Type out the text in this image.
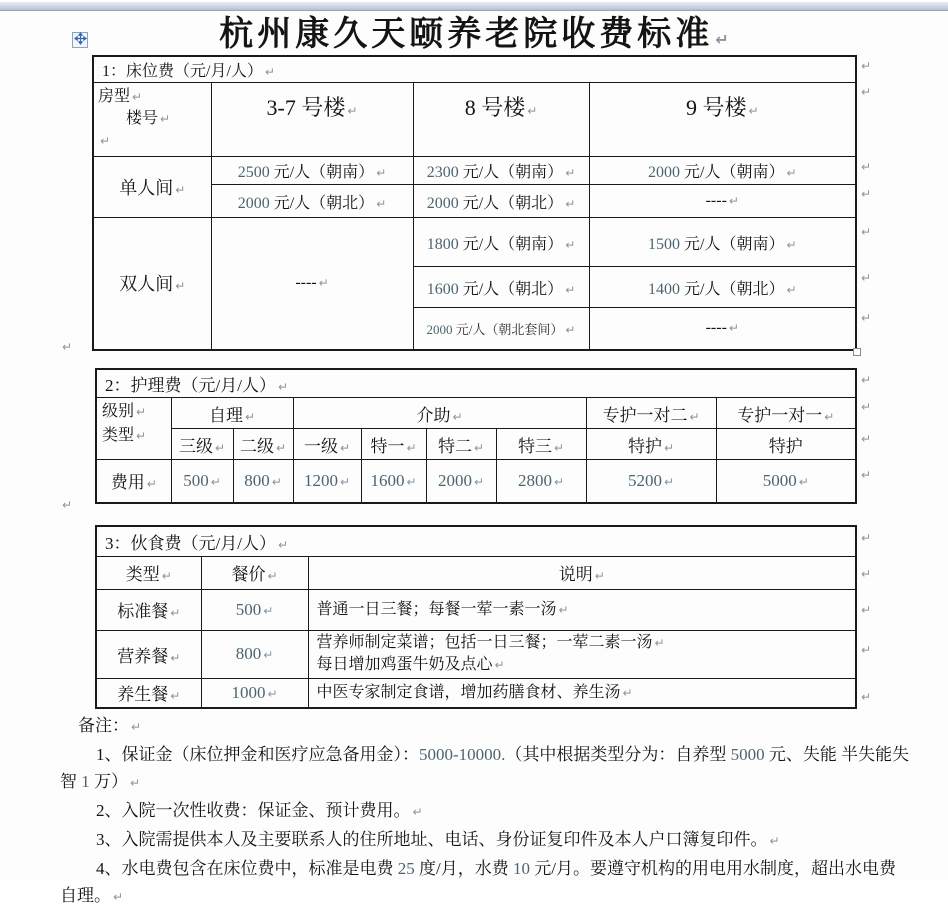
杭州康久天颐养老院收费标准 ↵
1：床位费（元/月/人） ↵			

房型 ↵
楼号 ↵
↵	3-7 号楼 ↵	8 号楼 ↵	9 号楼 ↵
单人间 ↵	2500 元/人（朝南） ↵	2300 元/人（朝南） ↵	2000 元/人（朝南） ↵
	2000 元/人（朝北） ↵	2000 元/人（朝北） ↵	---- ↵
双人间 ↵	---- ↵	1800 元/人（朝南） ↵	1500 元/人（朝南） ↵
		1600 元/人（朝北） ↵	1400 元/人（朝北） ↵
		2000 元/人（朝北套间） ↵	---- ↵
↵
↵
↵
↵
↵
↵
↵
↵
2：护理费（元/月/人） ↵								

级别 ↵
类型 ↵	自理 ↵		介助 ↵				专护一对二 ↵	专护一对一 ↵
	三级 ↵	二级 ↵	一级 ↵	特一 ↵	特二 ↵	特三 ↵	特护 ↵	特护
费用 ↵	500 ↵	800 ↵	1200 ↵	1600 ↵	2000 ↵	2800 ↵	5200 ↵	5000 ↵
↵
↵
↵
↵
↵
3：伙食费（元/月/人） ↵		
类型 ↵	餐价 ↵	说明 ↵
标准餐 ↵	500 ↵	普通一日三餐；每餐一荤一素一汤 ↵

营养餐 ↵	800 ↵	营养师制定菜谱；包括一日三餐；一荤二素一汤 ↵
每日增加鸡蛋牛奶及点心 ↵

养生餐 ↵	1000 ↵	中医专家制定食谱，增加药膳食材、养生汤 ↵
↵
↵
↵
↵
↵
备注： ↵
1、保证金（床位押金和医疗应急备用金）：5000-10000.（其中根据类型分为：自养型 5000 元、失能 半失能失
智 1 万） ↵
2、入院一次性收费：保证金、预计费用。 ↵
3、入院需提供本人及主要联系人的住所地址、电话、身份证复印件及本人户口簿复印件。 ↵
4、水电费包含在床位费中，标准是电费 25 度/月，水费 10 元/月。要遵守机构的用电用水制度，超出水电费
自理。 ↵
